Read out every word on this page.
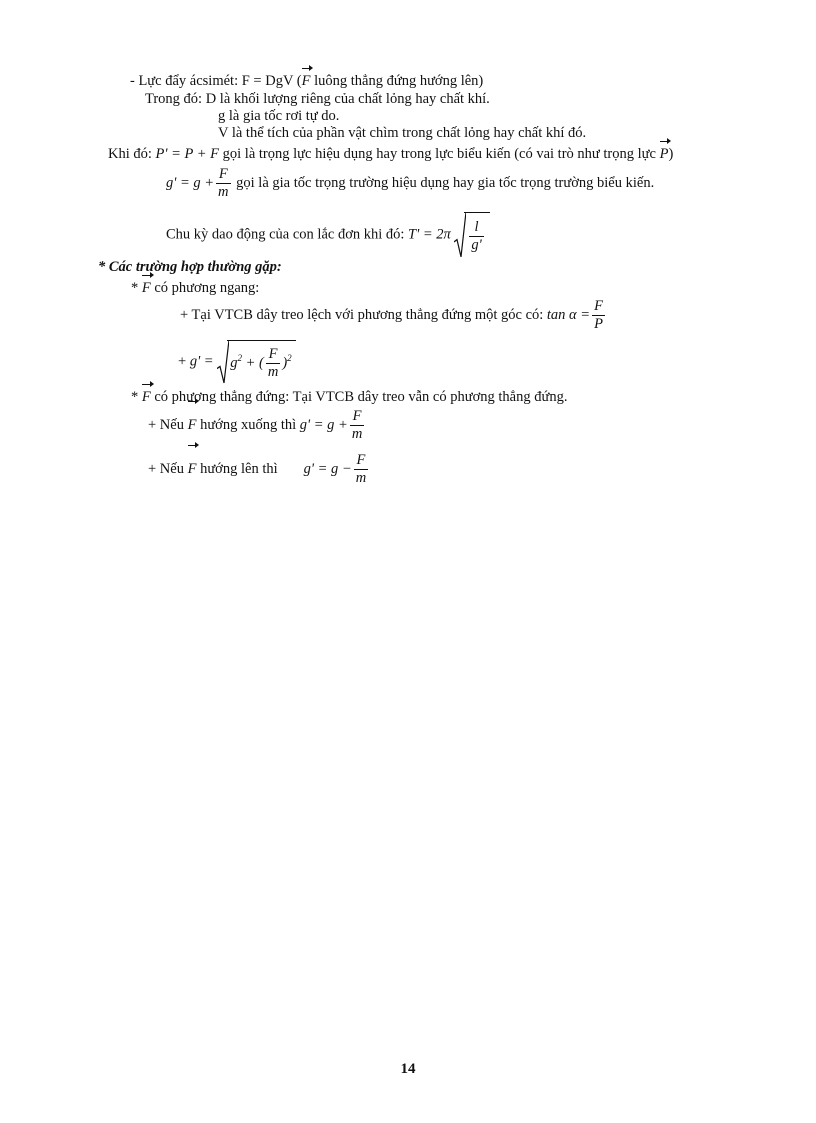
- Lực đẩy ácsimét: F = DgV (F luông thẳng đứng hướng lên)
Trong đó: D là khối lượng riêng của chất lỏng hay chất khí.
g là gia tốc rơi tự do.
V là thể tích của phần vật chìm trong chất lỏng hay chất khí đó.
Khi đó: P' = P + F gọi là trọng lực hiệu dụng hay trong lực biểu kiến (có vai trò như trọng lực P)
$g' = g + \frac{F}{m}$ gọi là gia tốc trọng trường hiệu dụng hay gia tốc trọng trường biểu kiến.
Chu kỳ dao động của con lắc đơn khi đó: $T' = 2\pi \frac{l}{g'}$
* Các trường hợp thường gặp:
* F có phương ngang:
+ Tại VTCB dây treo lệch với phương thẳng đứng một góc có: $\tan \alpha = \frac{F}{P}$
+ $g' = g^2$ + ( $\frac{F}{m} )^2$
* F có phương thẳng đứng: Tại VTCB dây treo vẫn có phương thẳng đứng.
+ Nếu F hướng xuống thì $g' = g + \frac{F}{m}$
+ Nếu F hướng lên thì $g' = g - \frac{F}{m}$
14
